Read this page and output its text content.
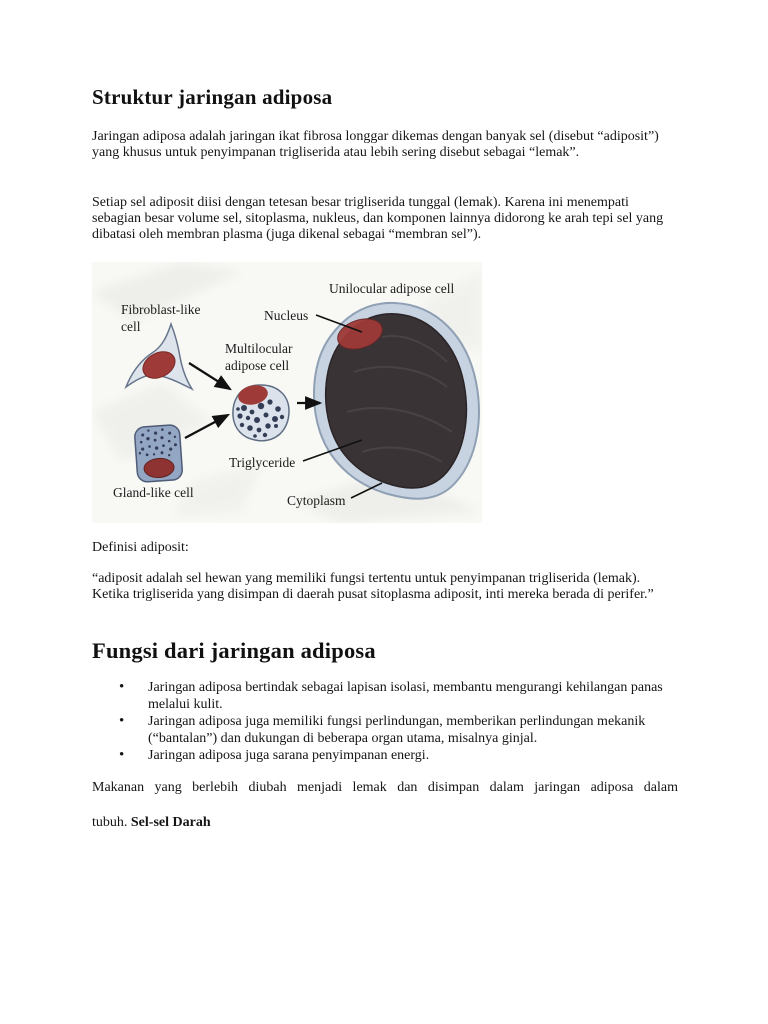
Struktur jaringan adiposa

Jaringan adiposa adalah jaringan ikat fibrosa longgar dikemas dengan banyak sel (disebut “adiposit”) yang khusus untuk penyimpanan trigliserida atau lebih sering disebut sebagai “lemak”.

Setiap sel adiposit diisi dengan tetesan besar trigliserida tunggal (lemak). Karena ini menempati sebagian besar volume sel, sitoplasma, nukleus, dan komponen lainnya didorong ke arah tepi sel yang dibatasi oleh membran plasma (juga dikenal sebagai “membran sel”).

Unilocular adipose cell
Fibroblast-like
cell
Nucleus
Multilocular
adipose cell
Gland-like cell
Triglyceride
Cytoplasm

Definisi adiposit:

“adiposit adalah sel hewan yang memiliki fungsi tertentu untuk penyimpanan trigliserida (lemak). Ketika trigliserida yang disimpan di daerah pusat sitoplasma adiposit, inti mereka berada di perifer.”

Fungsi dari jaringan adiposa
• Jaringan adiposa bertindak sebagai lapisan isolasi, membantu mengurangi kehilangan panas melalui kulit.
• Jaringan adiposa juga memiliki fungsi perlindungan, memberikan perlindungan mekanik (“bantalan”) dan dukungan di beberapa organ utama, misalnya ginjal.
• Jaringan adiposa juga sarana penyimpanan energi.

Makanan yang berlebih diubah menjadi lemak dan disimpan dalam jaringan adiposa dalam

tubuh. Sel-sel Darah
